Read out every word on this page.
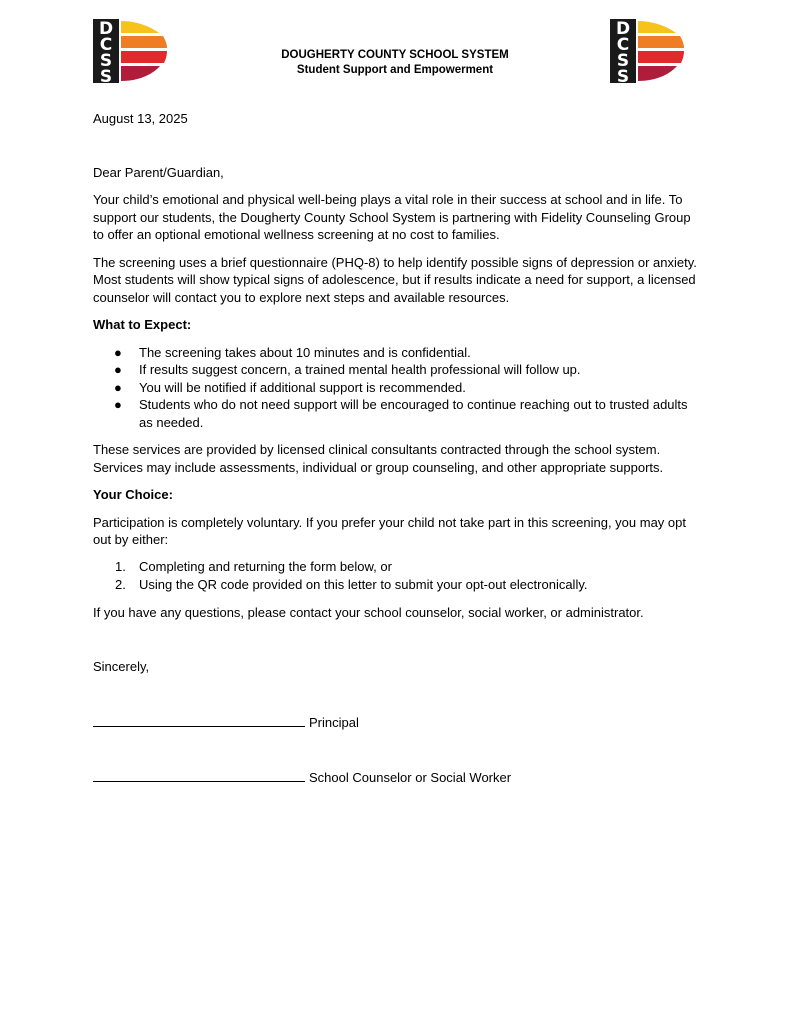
D
C
S
S
DOUGHERTY COUNTY SCHOOL SYSTEM
Student Support and Empowerment
D
C
S
S

August 13, 2025

Dear Parent/Guardian,

Your child’s emotional and physical well-being plays a vital role in their success at school and in life. To support our students, the Dougherty County School System is partnering with Fidelity Counseling Group to offer an optional emotional wellness screening at no cost to families.

The screening uses a brief questionnaire (PHQ-8) to help identify possible signs of depression or anxiety. Most students will show typical signs of adolescence, but if results indicate a need for support, a licensed counselor will contact you to explore next steps and available resources.

What to Expect:

● The screening takes about 10 minutes and is confidential.
● If results suggest concern, a trained mental health professional will follow up.
● You will be notified if additional support is recommended.
● Students who do not need support will be encouraged to continue reaching out to trusted adults as needed.

These services are provided by licensed clinical consultants contracted through the school system. Services may include assessments, individual or group counseling, and other appropriate supports.

Your Choice:

Participation is completely voluntary. If you prefer your child not take part in this screening, you may opt out by either:

1. Completing and returning the form below, or
2. Using the QR code provided on this letter to submit your opt-out electronically.

If you have any questions, please contact your school counselor, social worker, or administrator.

Sincerely,

Principal

School Counselor or Social Worker
